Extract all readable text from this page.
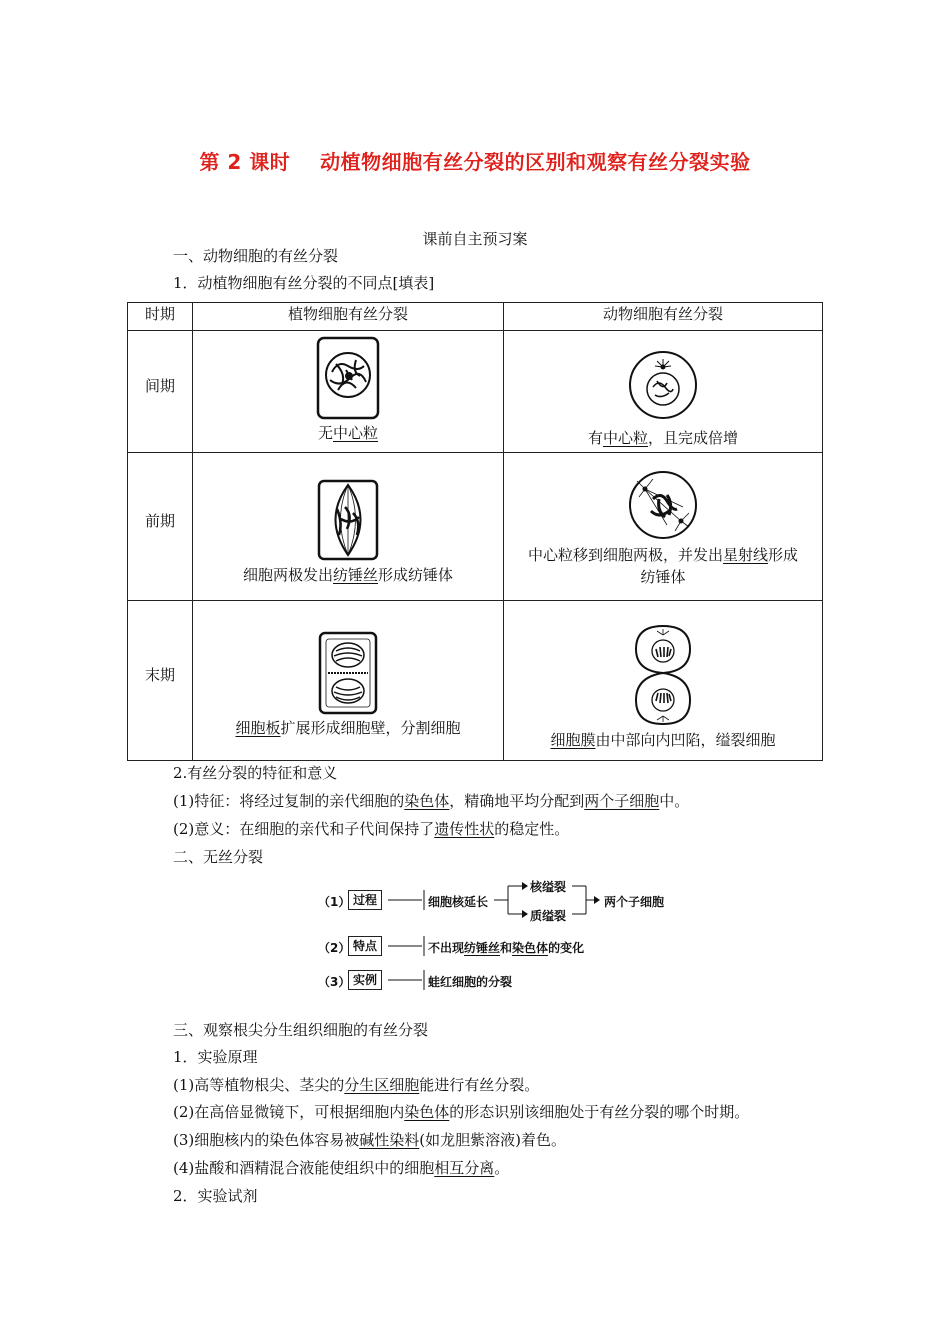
第 2 课时    动植物细胞有丝分裂的区别和观察有丝分裂实验
课前自主预习案
一、动物细胞的有丝分裂
1．动植物细胞有丝分裂的不同点[填表]
时期	植物细胞有丝分裂	动物细胞有丝分裂

间期	无中心粒	有中心粒，且完成倍增

前期	细胞两极发出纺锤丝形成纺锤体	中心粒移到细胞两极，并发出星射线形成
纺锤体

末期	细胞板扩展形成细胞壁，分割细胞	细胞膜由中部向内凹陷，缢裂细胞
2.有丝分裂的特征和意义
(1)特征：将经过复制的亲代细胞的染色体，精确地平均分配到两个子细胞中。
(2)意义：在细胞的亲代和子代间保持了遗传性状的稳定性。
二、无丝分裂
（1） 过程	细胞核延长
核缢裂
质缢裂
两个子细胞
（2） 特点	不出现纺锤丝和染色体的变化
（3） 实例	蛙红细胞的分裂
三、观察根尖分生组织细胞的有丝分裂
1．实验原理
(1)高等植物根尖、茎尖的分生区细胞能进行有丝分裂。
(2)在高倍显微镜下，可根据细胞内染色体的形态识别该细胞处于有丝分裂的哪个时期。
(3)细胞核内的染色体容易被碱性染料(如龙胆紫溶液)着色。
(4)盐酸和酒精混合液能使组织中的细胞相互分离。
2．实验试剂
